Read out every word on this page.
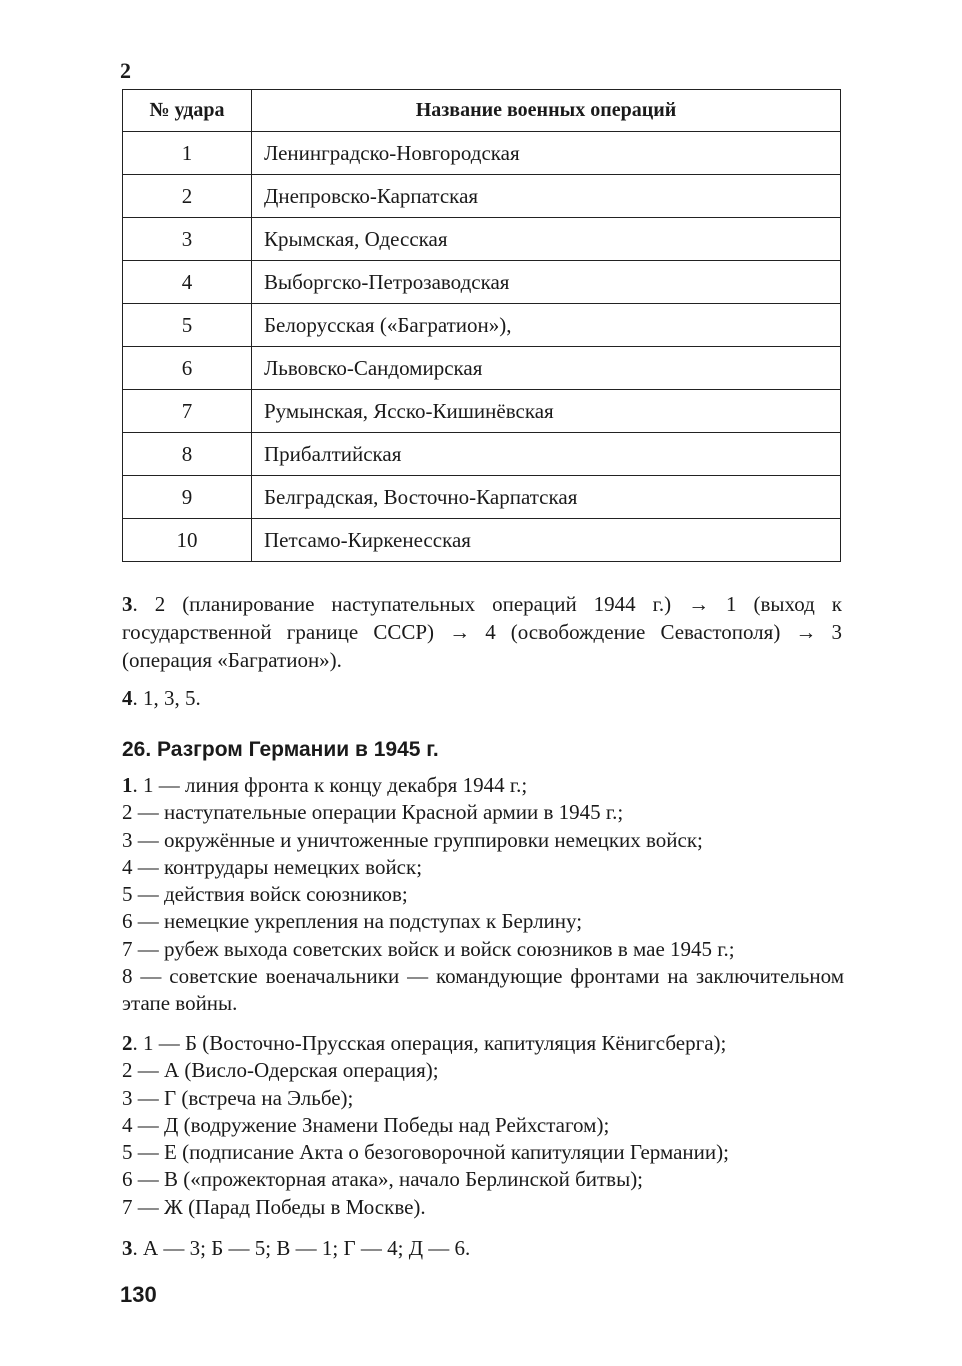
2
№ удара	Название военных операций
1	Ленинградско-Новгородская
2	Днепровско-Карпатская
3	Крымская, Одесская
4	Выборгско-Петрозаводская
5	Белорусская («Багратион»),
6	Львовско-Сандомирская
7	Румынская, Ясско-Кишинёвская
8	Прибалтийская
9	Белградская, Восточно-Карпатская
10	Петсамо-Киркенесская
3. 2 (планирование наступательных операций 1944 г.) → 1 (выход к государственной границе СССР) → 4 (освобождение Севастополя) → 3 (операция «Багратион»).
4. 1, 3, 5.
26. Разгром Германии в 1945 г.
1. 1 — линия фронта к концу декабря 1944 г.;
2 — наступательные операции Красной армии в 1945 г.;
3 — окружённые и уничтоженные группировки немецких войск;
4 — контрудары немецких войск;
5 — действия войск союзников;
6 — немецкие укрепления на подступах к Берлину;
7 — рубеж выхода советских войск и войск союзников в мае 1945 г.;
8 — советские военачальники — командующие фронтами на заключительном этапе войны.
2. 1 — Б (Восточно-Прусская операция, капитуляция Кёнигсберга);
2 — А (Висло-Одерская операция);
3 — Г (встреча на Эльбе);
4 — Д (водружение Знамени Победы над Рейхстагом);
5 — Е (подписание Акта о безоговорочной капитуляции Германии);
6 — В («прожекторная атака», начало Берлинской битвы);
7 — Ж (Парад Победы в Москве).
3. А — 3; Б — 5; В — 1; Г — 4; Д — 6.
130
